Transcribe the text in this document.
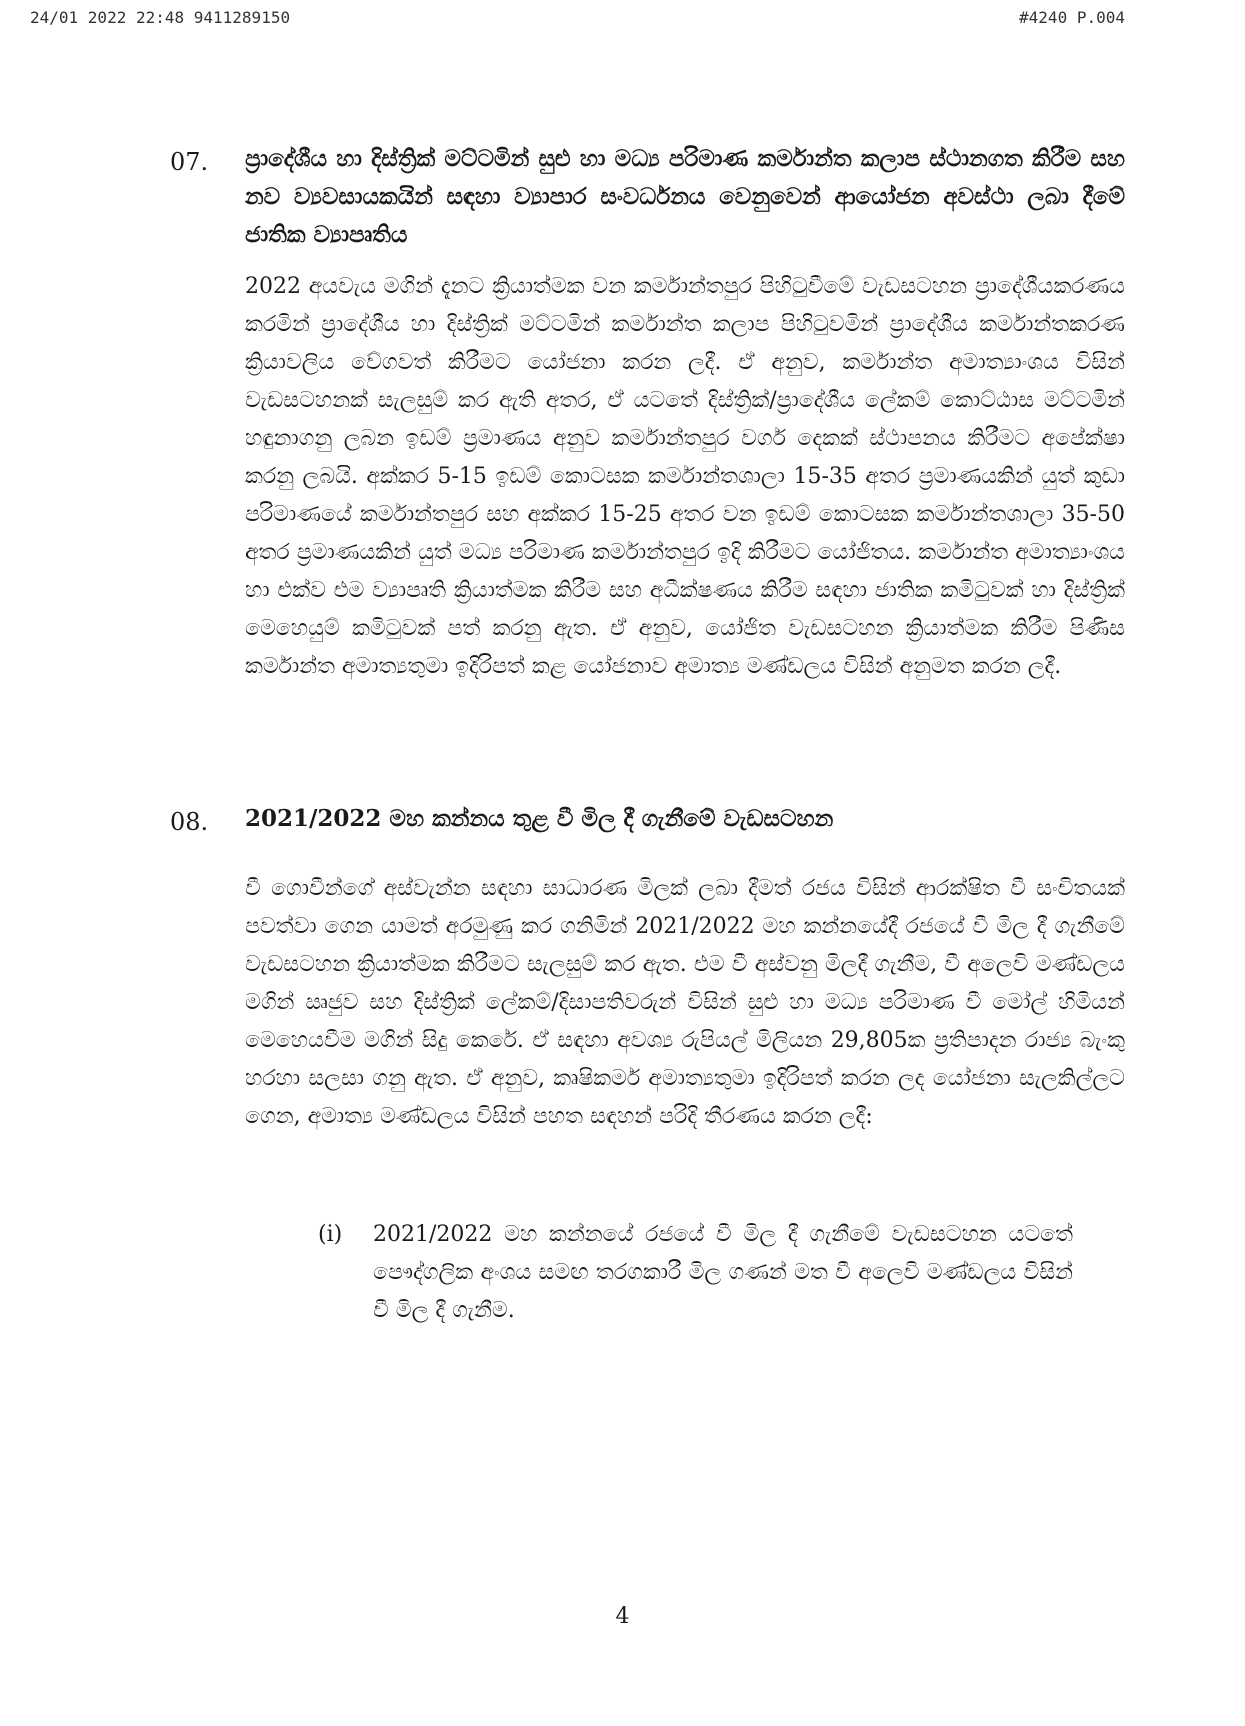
24/01 2022 22:48 9411289150	#4240 P.004
07. ප්‍රාදේශීය හා දිස්ත්‍රික් මට්ටමින් සුළු හා මධ්‍ය පරිමාණ කර්මාන්ත කලාප ස්ථානගත කිරීම සහ නව ව්‍යවසායකයින් සඳහා ව්‍යාපාර සංවර්ධනය වෙනුවෙන් ආයෝජන අවස්ථා ලබා දීමේ ජාතික ව්‍යාපෘතිය
2022 අයවැය මගින් දැනට ක්‍රියාත්මක වන කර්මාන්තපුර පිහිටුවීමේ වැඩසටහන ප්‍රාදේශීයකරණය කරමින් ප්‍රාදේශීය හා දිස්ත්‍රික් මට්ටමින් කර්මාන්ත කලාප පිහිටුවමින් ප්‍රාදේශීය කර්මාන්තකරණ ක්‍රියාවලිය වේගවත් කිරීමට යෝජනා කරන ලදී. ඒ අනුව, කර්මාන්ත අමාත්‍යාංශය විසින් වැඩසටහනක් සැලසුම් කර ඇති අතර, ඒ යටතේ දිස්ත්‍රික්/ප්‍රාදේශීය ලේකම් කොට්ඨාස මට්ටමින් හඳුනාගනු ලබන ඉඩම් ප්‍රමාණය අනුව කර්මාන්තපුර වර්ග දෙකක් ස්ථාපනය කිරීමට අපේක්ෂා කරනු ලබයි. අක්කර 5-15 ඉඩම් කොටසක කර්මාන්තශාලා 15-35 අතර ප්‍රමාණයකින් යුත් කුඩා පරිමාණයේ කර්මාන්තපුර සහ අක්කර 15-25 අතර වන ඉඩම් කොටසක කර්මාන්තශාලා 35-50 අතර ප්‍රමාණයකින් යුත් මධ්‍ය පරිමාණ කර්මාන්තපුර ඉදි කිරීමට යෝජිතය. කර්මාන්ත අමාත්‍යාංශය හා එක්ව එම ව්‍යාපෘති ක්‍රියාත්මක කිරීම සහ අධීක්ෂණය කිරීම සඳහා ජාතික කමිටුවක් හා දිස්ත්‍රික් මෙහෙයුම් කමිටුවක් පත් කරනු ඇත. ඒ අනුව, යෝජිත වැඩසටහන ක්‍රියාත්මක කිරීම පිණිස කර්මාන්ත අමාත්‍යතුමා ඉදිරිපත් කළ යෝජනාව අමාත්‍ය මණ්ඩලය විසින් අනුමත කරන ලදී.
08. 2021/2022 මහ කන්නය තුළ වී මිල දී ගැනීමේ වැඩසටහන
වී ගොවීන්ගේ අස්වැන්න සඳහා සාධාරණ මිලක් ලබා දීමත් රජය විසින් ආරක්ෂිත වී සංචිතයක් පවත්වා ගෙන යාමත් අරමුණු කර ගනිමින් 2021/2022 මහ කන්නයේදී රජයේ වී මිල දී ගැනීමේ වැඩසටහන ක්‍රියාත්මක කිරීමට සැලසුම් කර ඇත. එම වී අස්වනු මිලදී ගැනීම, වී අලෙවි මණ්ඩලය මගින් ඍජුව සහ දිස්ත්‍රික් ලේකම්/දිසාපතිවරුන් විසින් සුළු හා මධ්‍ය පරිමාණ වී මෝල් හිමියන් මෙහෙයවීම මගින් සිදු කෙරේ. ඒ සඳහා අවශ්‍ය රුපියල් මිලියන 29,805ක ප්‍රතිපාදන රාජ්‍ය බැංකු හරහා සලසා ගනු ඇත. ඒ අනුව, කෘෂිකර්ම අමාත්‍යතුමා ඉදිරිපත් කරන ලද යෝජනා සැලකිල්ලට ගෙන, අමාත්‍ය මණ්ඩලය විසින් පහත සඳහන් පරිදි තීරණය කරන ලදී:
(i) 2021/2022 මහ කන්නයේ රජයේ වී මිල දී ගැනීමේ වැඩසටහන යටතේ පෞද්ගලික අංශය සමඟ තරගකාරී මිල ගණන් මත වී අලෙවි මණ්ඩලය විසින් වී මිල දී ගැනීම.
4
